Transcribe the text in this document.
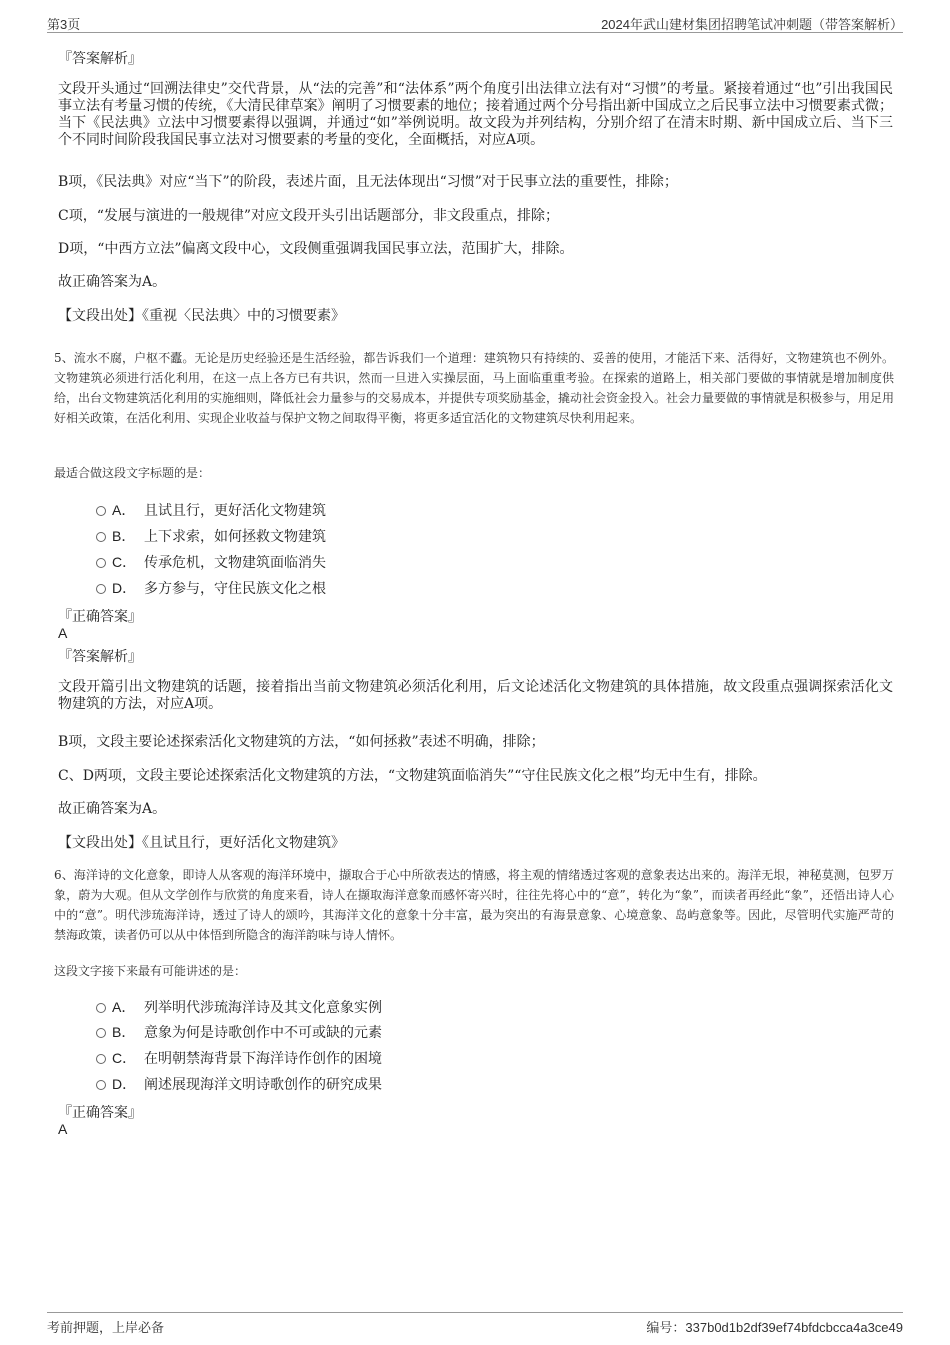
第3页	2024年武山建材集团招聘笔试冲刺题（带答案解析）
『答案解析』
文段开头通过“回溯法律史”交代背景，从“法的完善”和“法体系”两个角度引出法律立法有对“习惯”的考量。紧接着通过“也”引出我国民事立法有考量习惯的传统，《大清民律草案》阐明了习惯要素的地位；接着通过两个分号指出新中国成立之后民事立法中习惯要素式微；当下《民法典》立法中习惯要素得以强调，并通过“如”举例说明。故文段为并列结构，分别介绍了在清末时期、新中国成立后、当下三个不同时间阶段我国民事立法对习惯要素的考量的变化，全面概括，对应A项。
B项，《民法典》对应“当下”的阶段，表述片面，且无法体现出“习惯”对于民事立法的重要性，排除；
C项，“发展与演进的一般规律”对应文段开头引出话题部分，非文段重点，排除；
D项，“中西方立法”偏离文段中心，文段侧重强调我国民事立法，范围扩大，排除。
故正确答案为A。
【文段出处】《重视〈民法典〉中的习惯要素》
5、流水不腐，户枢不蠹。无论是历史经验还是生活经验，都告诉我们一个道理：建筑物只有持续的、妥善的使用，才能活下来、活得好，文物建筑也不例外。文物建筑必须进行活化利用，在这一点上各方已有共识，然而一旦进入实操层面，马上面临重重考验。在探索的道路上，相关部门要做的事情就是增加制度供给，出台文物建筑活化利用的实施细则，降低社会力量参与的交易成本，并提供专项奖励基金，撬动社会资金投入。社会力量要做的事情就是积极参与，用足用好相关政策，在活化利用、实现企业收益与保护文物之间取得平衡，将更多适宜活化的文物建筑尽快利用起来。
最适合做这段文字标题的是：
A． 且试且行，更好活化文物建筑
B． 上下求索，如何拯救文物建筑
C． 传承危机，文物建筑面临消失
D． 多方参与，守住民族文化之根
『正确答案』
A
『答案解析』
文段开篇引出文物建筑的话题，接着指出当前文物建筑必须活化利用，后文论述活化文物建筑的具体措施，故文段重点强调探索活化文物建筑的方法，对应A项。
B项，文段主要论述探索活化文物建筑的方法，“如何拯救”表述不明确，排除；
C、D两项，文段主要论述探索活化文物建筑的方法，“文物建筑面临消失”“守住民族文化之根”均无中生有，排除。
故正确答案为A。
【文段出处】《且试且行，更好活化文物建筑》
6、海洋诗的文化意象，即诗人从客观的海洋环境中，撷取合于心中所欲表达的情感，将主观的情绪透过客观的意象表达出来的。海洋无垠，神秘莫测，包罗万象，蔚为大观。但从文学创作与欣赏的角度来看，诗人在撷取海洋意象而感怀寄兴时，往往先将心中的“意”，转化为“象”，而读者再经此“象”，还悟出诗人心中的“意”。明代涉琉海洋诗，透过了诗人的颂吟，其海洋文化的意象十分丰富，最为突出的有海景意象、心境意象、岛屿意象等。因此，尽管明代实施严苛的禁海政策，读者仍可以从中体悟到所隐含的海洋韵味与诗人情怀。
这段文字接下来最有可能讲述的是：
A． 列举明代涉琉海洋诗及其文化意象实例
B． 意象为何是诗歌创作中不可或缺的元素
C． 在明朝禁海背景下海洋诗作创作的困境
D． 阐述展现海洋文明诗歌创作的研究成果
『正确答案』
A
考前押题，上岸必备	编号：337b0d1b2df39ef74bfdcbcca4a3ce49
